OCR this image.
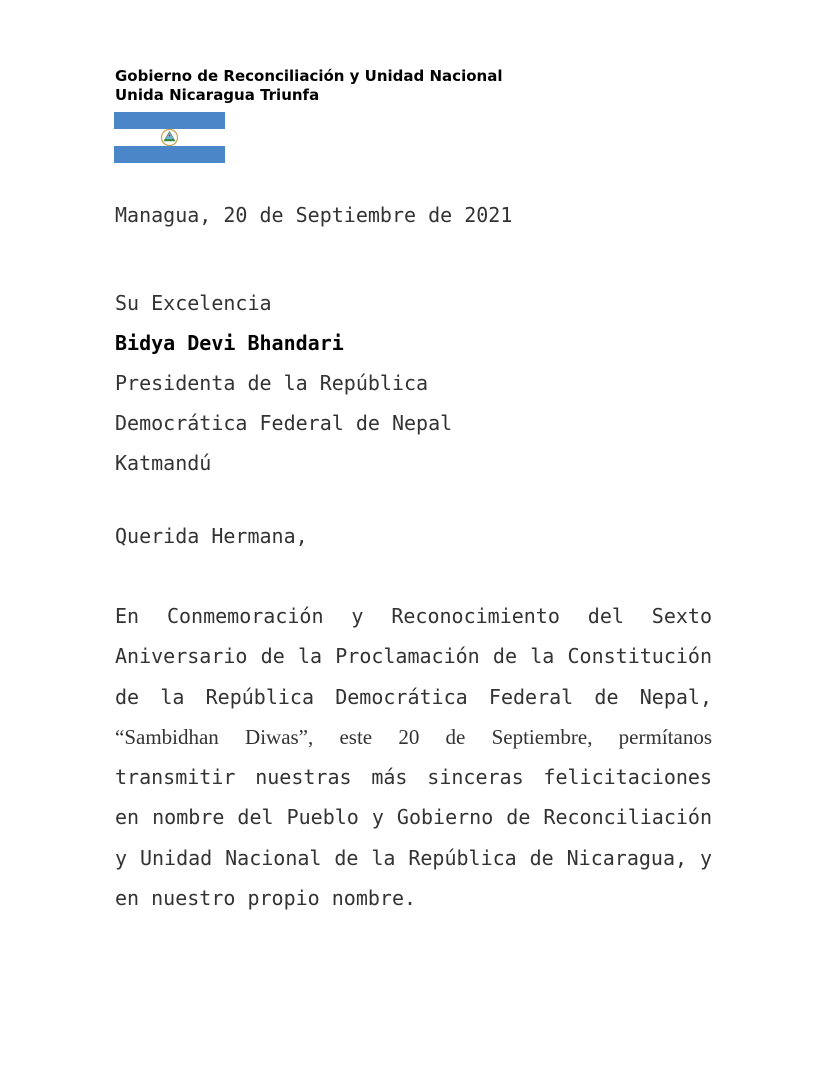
Gobierno de Reconciliación y Unidad Nacional
Unida Nicaragua Triunfa
Managua, 20 de Septiembre de 2021
Su Excelencia
Bidya Devi Bhandari
Presidenta de la República
Democrática Federal de Nepal
Katmandú
Querida Hermana,
En Conmemoración y Reconocimiento del Sexto
Aniversario de la Proclamación de la Constitución
de la República Democrática Federal de Nepal,
“Sambidhan Diwas”, este 20 de Septiembre, permítanos
transmitir nuestras más sinceras felicitaciones
en nombre del Pueblo y Gobierno de Reconciliación
y Unidad Nacional de la República de Nicaragua, y
en nuestro propio nombre.
